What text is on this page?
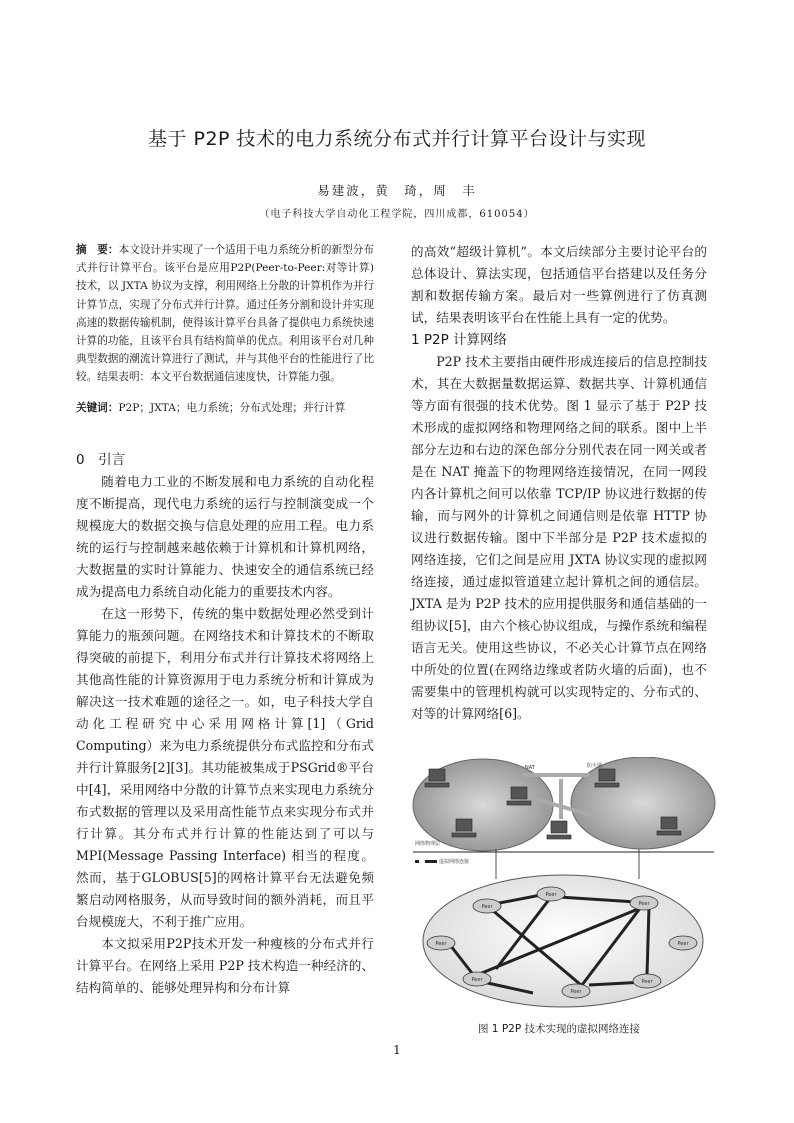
基于 P2P 技术的电力系统分布式并行计算平台设计与实现
易建波，黄　琦，周　丰
（电子科技大学自动化工程学院，四川成都，610054）

摘　要：本文设计并实现了一个适用于电力系统分析的新型分布式并行计算平台。该平台是应用P2P(Peer-to-Peer:对等计算)技术，以 JXTA 协议为支撑，利用网络上分散的计算机作为并行计算节点，实现了分布式并行计算。通过任务分割和设计并实现高速的数据传输机制，使得该计算平台具备了提供电力系统快速计算的功能，且该平台具有结构简单的优点。利用该平台对几种典型数据的潮流计算进行了测试，并与其他平台的性能进行了比较。结果表明：本文平台数据通信速度快，计算能力强。

关键词：P2P；JXTA；电力系统；分布式处理；并行计算

0　引言

随着电力工业的不断发展和电力系统的自动化程度不断提高，现代电力系统的运行与控制演变成一个规模庞大的数据交换与信息处理的应用工程。电力系统的运行与控制越来越依赖于计算机和计算机网络，大数据量的实时计算能力、快速安全的通信系统已经成为提高电力系统自动化能力的重要技术内容。

在这一形势下，传统的集中数据处理必然受到计算能力的瓶颈问题。在网络技术和计算技术的不断取得突破的前提下，利用分布式并行计算技术将网络上其他高性能的计算资源用于电力系统分析和计算成为解决这一技术难题的途径之一。如，电子科技大学自动化工程研究中心采用网格计算[1]（Grid Computing）来为电力系统提供分布式监控和分布式并行计算服务[2][3]。其功能被集成于PSGrid®平台中[4]，采用网络中分散的计算节点来实现电力系统分布式数据的管理以及采用高性能节点来实现分布式并行计算。其分布式并行计算的性能达到了可以与 MPI(Message Passing Interface) 相当的程度。然而，基于GLOBUS[5]的网格计算平台无法避免频繁启动网格服务，从而导致时间的额外消耗，而且平台规模庞大，不利于推广应用。

本文拟采用P2P技术开发一种瘦核的分布式并行计算平台。在网络上采用 P2P 技术构造一种经济的、结构简单的、能够处理异构和分布计算

的高效“超级计算机”。本文后续部分主要讨论平台的总体设计、算法实现，包括通信平台搭建以及任务分割和数据传输方案。最后对一些算例进行了仿真测试，结果表明该平台在性能上具有一定的优势。

1 P2P 计算网络

P2P 技术主要指由硬件形成连接后的信息控制技术，其在大数据量数据运算、数据共享、计算机通信等方面有很强的技术优势。图 1 显示了基于 P2P 技术形成的虚拟网络和物理网络之间的联系。图中上半部分左边和右边的深色部分分别代表在同一网关或者是在 NAT 掩盖下的物理网络连接情况，在同一网段内各计算机之间可以依靠 TCP/IP 协议进行数据的传输，而与网外的计算机之间通信则是依靠 HTTP 协议进行数据传输。图中下半部分是 P2P 技术虚拟的网络连接，它们之间是应用 JXTA 协议实现的虚拟网络连接，通过虚拟管道建立起计算机之间的通信层。JXTA 是为 P2P 技术的应用提供服务和通信基础的一组协议[5]，由六个核心协议组成，与操作系统和编程语言无关。使用这些协议，不必关心计算节点在网络中所处的位置(在网络边缘或者防火墙的后面)，也不需要集中的管理机构就可以实现特定的、分布式的、对等的计算网络[6]。

NAT	防火墙
网络物理层
虚拟网络连接
Peer
Peer
Peer
Peer	Peer
Peer	Peer
Peer
图 1 P2P 技术实现的虚拟网络连接
1
